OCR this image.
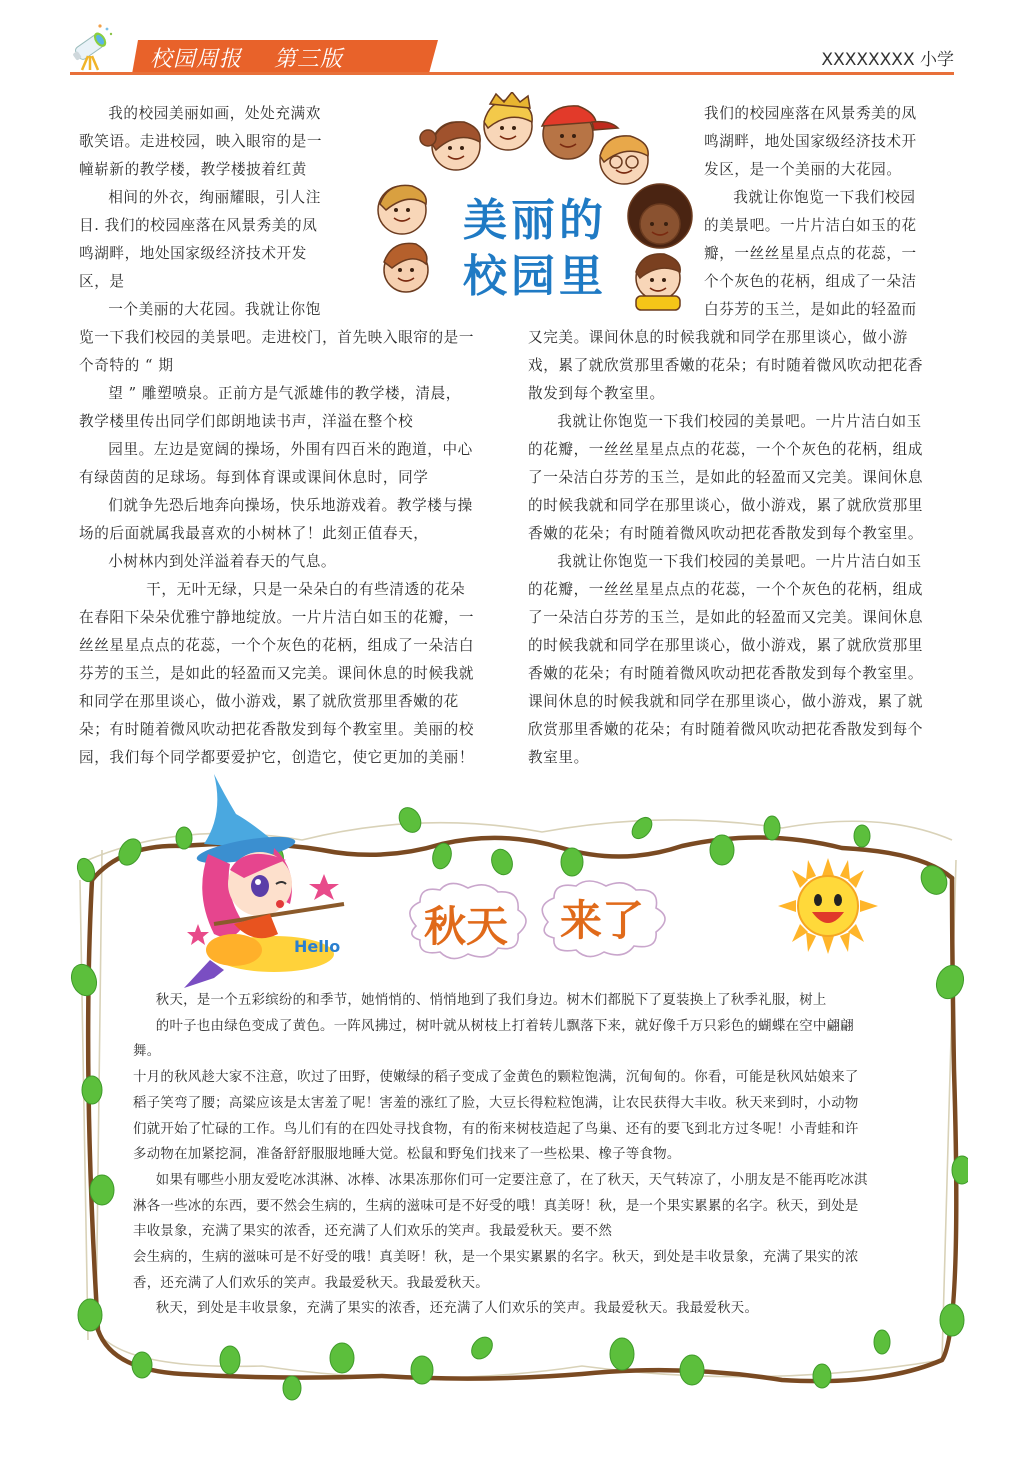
校园周报    第三版	XXXXXXXX 小学

我的校园美丽如画，处处充满欢

歌笑语。走进校园，映入眼帘的是一

幢崭新的教学楼，教学楼披着红黄

相间的外衣，绚丽耀眼，引人注

目. 我们的校园座落在风景秀美的凤

鸣湖畔，地处国家级经济技术开发

区，是

一个美丽的大花园。我就让你饱

美丽的
校园里

我们的校园座落在风景秀美的凤

鸣湖畔，地处国家级经济技术开

发区，是一个美丽的大花园。

我就让你饱览一下我们校园

的美景吧。一片片洁白如玉的花

瓣，一丝丝星星点点的花蕊，一

个个灰色的花柄，组成了一朵洁

白芬芳的玉兰，是如此的轻盈而

览一下我们校园的美景吧。走进校门，首先映入眼帘的是一

个奇特的 “ 期

望 ” 雕塑喷泉。正前方是气派雄伟的教学楼，清晨，

教学楼里传出同学们郎朗地读书声，洋溢在整个校

园里。左边是宽阔的操场，外围有四百米的跑道，中心

有绿茵茵的足球场。每到体育课或课间休息时，同学

们就争先恐后地奔向操场，快乐地游戏着。教学楼与操

场的后面就属我最喜欢的小树林了！此刻正值春天，

小树林内到处洋溢着春天的气息。

干，无叶无绿，只是一朵朵白的有些清透的花朵

在春阳下朵朵优雅宁静地绽放。一片片洁白如玉的花瓣，一

丝丝星星点点的花蕊，一个个灰色的花柄，组成了一朵洁白

芬芳的玉兰，是如此的轻盈而又完美。课间休息的时候我就

和同学在那里谈心，做小游戏，累了就欣赏那里香嫩的花

朵；有时随着微风吹动把花香散发到每个教室里。美丽的校

园，我们每个同学都要爱护它，创造它，使它更加的美丽！

又完美。课间休息的时候我就和同学在那里谈心，做小游

戏，累了就欣赏那里香嫩的花朵；有时随着微风吹动把花香

散发到每个教室里。

我就让你饱览一下我们校园的美景吧。一片片洁白如玉

的花瓣，一丝丝星星点点的花蕊，一个个灰色的花柄，组成

了一朵洁白芬芳的玉兰，是如此的轻盈而又完美。课间休息

的时候我就和同学在那里谈心，做小游戏，累了就欣赏那里

香嫩的花朵；有时随着微风吹动把花香散发到每个教室里。

我就让你饱览一下我们校园的美景吧。一片片洁白如玉

的花瓣，一丝丝星星点点的花蕊，一个个灰色的花柄，组成

了一朵洁白芬芳的玉兰，是如此的轻盈而又完美。课间休息

的时候我就和同学在那里谈心，做小游戏，累了就欣赏那里

香嫩的花朵；有时随着微风吹动把花香散发到每个教室里。

课间休息的时候我就和同学在那里谈心，做小游戏，累了就

欣赏那里香嫩的花朵；有时随着微风吹动把花香散发到每个

教室里。

Hello 秋天 来了

秋天，是一个五彩缤纷的和季节，她悄悄的、悄悄地到了我们身边。树木们都脱下了夏装换上了秋季礼服，树上

的叶子也由绿色变成了黄色。一阵风拂过，树叶就从树枝上打着转儿飘落下来，就好像千万只彩色的蝴蝶在空中翩翩

舞。

十月的秋风趁大家不注意，吹过了田野，使嫩绿的稻子变成了金黄色的颗粒饱满，沉甸甸的。你看，可能是秋风姑娘来了

稻子笑弯了腰；高粱应该是太害羞了呢！害羞的涨红了脸，大豆长得粒粒饱满，让农民获得大丰收。秋天来到时，小动物

们就开始了忙碌的工作。鸟儿们有的在四处寻找食物，有的衔来树枝造起了鸟巢、还有的要飞到北方过冬呢！小青蛙和许

多动物在加紧挖洞，准备舒舒服服地睡大觉。松鼠和野兔们找来了一些松果、橡子等食物。

如果有哪些小朋友爱吃冰淇淋、冰棒、冰果冻那你们可一定要注意了，在了秋天，天气转凉了，小朋友是不能再吃冰淇

淋各一些冰的东西，要不然会生病的，生病的滋味可是不好受的哦！真美呀！秋，是一个果实累累的名字。秋天，到处是

丰收景象，充满了果实的浓香，还充满了人们欢乐的笑声。我最爱秋天。要不然

会生病的，生病的滋味可是不好受的哦！真美呀！秋，是一个果实累累的名字。秋天，到处是丰收景象，充满了果实的浓

香，还充满了人们欢乐的笑声。我最爱秋天。我最爱秋天。

秋天，到处是丰收景象，充满了果实的浓香，还充满了人们欢乐的笑声。我最爱秋天。我最爱秋天。
